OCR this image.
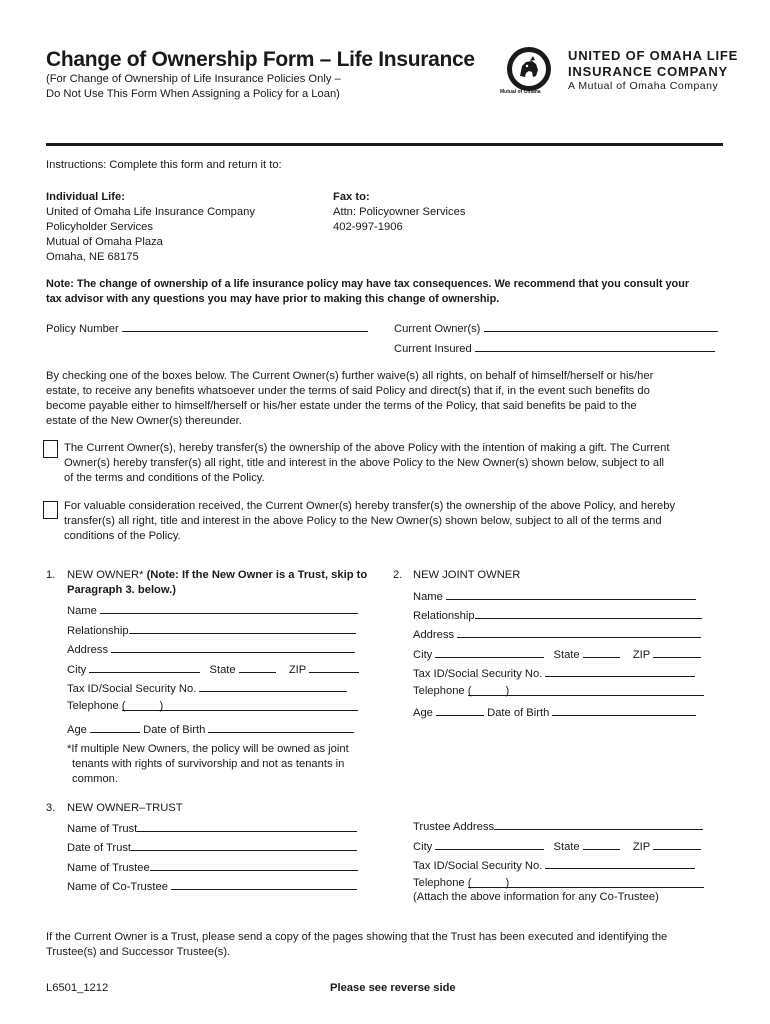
Change of Ownership Form – Life Insurance
(For Change of Ownership of Life Insurance Policies Only –
Do Not Use This Form When Assigning a Policy for a Loan)	Mutual of Omaha
UNITED OF OMAHA LIFE
INSURANCE COMPANY
A Mutual of Omaha Company
Instructions: Complete this form and return it to:
Individual Life:
United of Omaha Life Insurance Company
Policyholder Services
Mutual of Omaha Plaza
Omaha, NE 68175
Fax to:
Attn: Policyowner Services
402-997-1906
Note: The change of ownership of a life insurance policy may have tax consequences. We recommend that you consult your
tax advisor with any questions you may have prior to making this change of ownership.
Policy Number	Current Owner(s)
Current Insured
By checking one of the boxes below. The Current Owner(s) further waive(s) all rights, on behalf of himself/herself or his/her
estate, to receive any benefits whatsoever under the terms of said Policy and direct(s) that if, in the event such benefits do
become payable either to himself/herself or his/her estate under the terms of the Policy, that said benefits be paid to the
estate of the New Owner(s) thereunder.
The Current Owner(s), hereby transfer(s) the ownership of the above Policy with the intention of making a gift. The Current
Owner(s) hereby transfer(s) all right, title and interest in the above Policy to the New Owner(s) shown below, subject to all
of the terms and conditions of the Policy.
For valuable consideration received, the Current Owner(s) hereby transfer(s) the ownership of the above Policy, and hereby
transfer(s) all right, title and interest in the above Policy to the New Owner(s) shown below, subject to all of the terms and
conditions of the Policy.
1. NEW OWNER* (Note: If the New Owner is a Trust, skip to
Paragraph 3. below.)
Name
Relationship
Address
City	State	ZIP
Tax ID/Social Security No.
Telephone (	)
Age	Date of Birth
*If multiple New Owners, the policy will be owned as joint
tenants with rights of survivorship and not as tenants in
common.
2. NEW JOINT OWNER
Name
Relationship
Address
City	State	ZIP
Tax ID/Social Security No.
Telephone (	)
Age	Date of Birth
3. NEW OWNER–TRUST
Name of Trust
Date of Trust
Name of Trustee
Name of Co-Trustee
Trustee Address
City	State	ZIP
Tax ID/Social Security No.
Telephone (	)
(Attach the above information for any Co-Trustee)
If the Current Owner is a Trust, please send a copy of the pages showing that the Trust has been executed and identifying the
Trustee(s) and Successor Trustee(s).
L6501_1212	Please see reverse side
